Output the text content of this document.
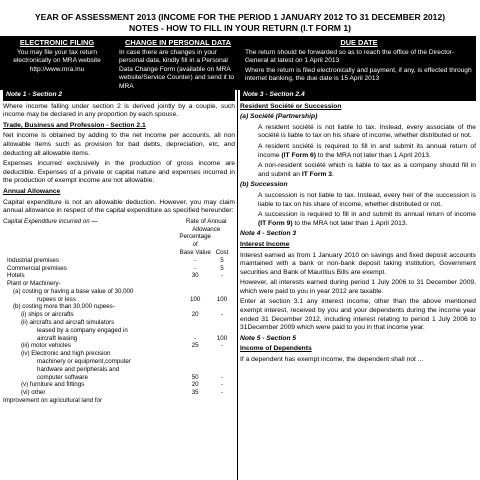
YEAR OF ASSESSMENT 2013 (INCOME FOR THE PERIOD 1 JANUARY 2012 TO 31 DECEMBER 2012)
NOTES - HOW TO FILL IN YOUR RETURN (I.T FORM 1)
ELECTRONIC FILING
You may file your tax return electronically on MRA website
http://www.mra.mu
CHANGE IN PERSONAL DATA
In case there are changes in your personal data, kindly fill in a Personal Data Change Form (available on MRA website/Service Counter) and send it to MRA
DUE DATE
The return should be forwarded so as to reach the office of the Director-General at latest on 1 April 2013
Where the return is filed electronically and payment, if any, is effected through internet banking, the due date is 15 April 2013
Note 1 - Section 2
Where income falling under section 2 is derived jointly by a couple, such income may be declared in any proportion by each spouse.
Trade, Business and Profession - Section 2.1
Net income is obtained by adding to the net income per accounts, all non allowable items such as provision for bad debts, depreciation, etc, and deducting all allowable items.
Expenses incurred exclusively in the production of gross income are deductible. Expenses of a private or capital nature and expenses incurred in the production of exempt income are not allowable.
Annual Allowance
Capital expenditure is not an allowable deduction. However, you may claim annual allowance in respect of the capital expenditure as specified hereunder:
Capital Expenditure incurred on —	Rate of Annual Allowance	
	Percentage of	
	Base Value	Cost
Industrial premises	-	5
Commercial premises	-	5
Hotels	30	-
Plant or Machinery-		
(a) costing or having a base value of 30,000		
rupees or less	100	100
(b) costing more than 30,000 rupees-		
(i) ships or aircrafts	20	-
(ii) aircrafts and aircraft simulators		
leased by a company engaged in		
aircraft leasing	-	100
(iii) motor vehicles	25	-
(iv) Electronic and high precision		
machinery or equipment,computer		
hardware and peripherals and		
computer software	50	-
(v) furniture and fittings	20	-
(vi) other	35	-
Improvement on agricultural land for		
Note 3 - Section 2.4
Resident Société or Succession
(a) Société (Partnership)
A resident société is not liable to tax. Instead, every associate of the société is liable to tax on his share of income, whether distributed or not.
A resident société is required to fill in and submit its annual return of income (IT Form 6) to the MRA not later than 1 April 2013.
A non-resident société which is liable to tax as a company should fill in and submit an IT Form 3.
(b) Succession
A succession is not liable to tax. Instead, every heir of the succession is liable to tax on his share of income, whether distributed or not.
A succession is required to fill in and submit its annual return of income (IT Form 9) to the MRA not later than 1 April 2013.
Note 4 - Section 3
Interest Income
Interest earned as from 1 January 2010 on savings and fixed deposit accounts maintained with a bank or non-bank deposit taking institution, Government securities and Bank of Mauritius Bills are exempt.
However, all interests earned during period 1 July 2006 to 31 December 2009, which were paid to you in year 2012 are taxable.
Enter at section 3.1 any interest income, other than the above mentioned exempt interest, received by you and your dependents during the income year ended 31 December 2012, including interest relating to period 1 July 2006 to 31December 2009 which were paid to you in that income year.
Note 5 - Section 5
Income of Dependents
If a dependent has exempt income, the dependent shall not ...
